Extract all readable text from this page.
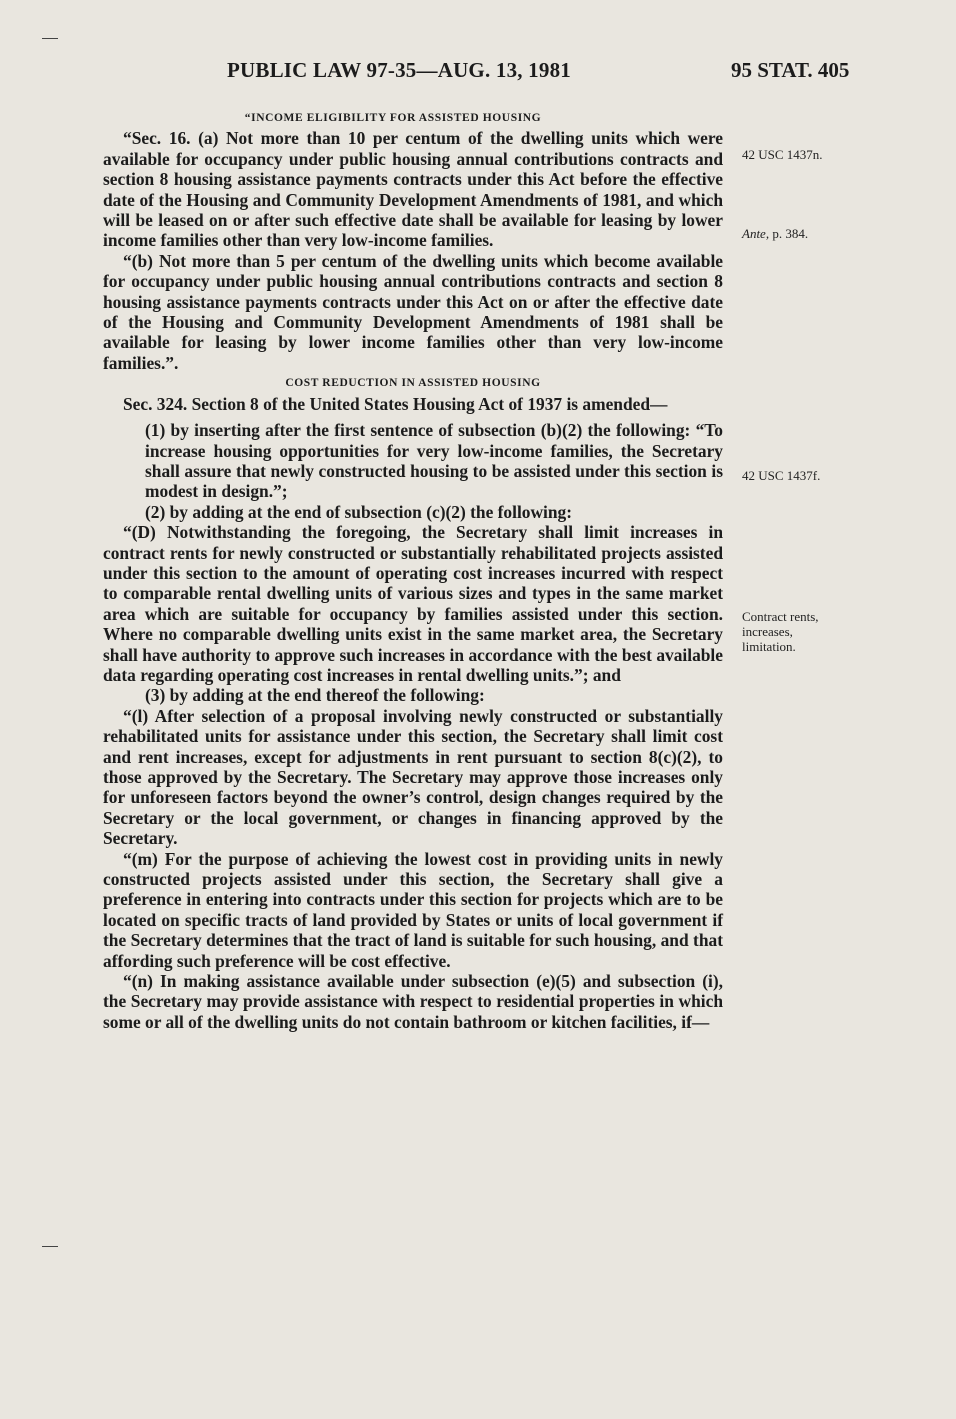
PUBLIC LAW 97-35—AUG. 13, 1981	95 STAT. 405
42 USC 1437n.
Ante, p. 384.
42 USC 1437f.
Contract rents,
increases,
limitation.

“INCOME ELIGIBILITY FOR ASSISTED HOUSING

“Sec. 16. (a) Not more than 10 per centum of the dwelling units which were available for occupancy under public housing annual contributions contracts and section 8 housing assistance payments contracts under this Act before the effective date of the Housing and Community Development Amendments of 1981, and which will be leased on or after such effective date shall be available for leasing by lower income families other than very low-income families.

“(b) Not more than 5 per centum of the dwelling units which become available for occupancy under public housing annual contributions contracts and section 8 housing assistance payments contracts under this Act on or after the effective date of the Housing and Community Development Amendments of 1981 shall be available for leasing by lower income families other than very low-income families.”.

COST REDUCTION IN ASSISTED HOUSING

Sec. 324. Section 8 of the United States Housing Act of 1937 is amended—

(1) by inserting after the first sentence of subsection (b)(2) the following: “To increase housing opportunities for very low-income families, the Secretary shall assure that newly constructed housing to be assisted under this section is modest in design.”;

(2) by adding at the end of subsection (c)(2) the following:

“(D) Notwithstanding the foregoing, the Secretary shall limit increases in contract rents for newly constructed or substantially rehabilitated projects assisted under this section to the amount of operating cost increases incurred with respect to comparable rental dwelling units of various sizes and types in the same market area which are suitable for occupancy by families assisted under this section. Where no comparable dwelling units exist in the same market area, the Secretary shall have authority to approve such increases in accordance with the best available data regarding operating cost increases in rental dwelling units.”; and

(3) by adding at the end thereof the following:

“(l) After selection of a proposal involving newly constructed or substantially rehabilitated units for assistance under this section, the Secretary shall limit cost and rent increases, except for adjustments in rent pursuant to section 8(c)(2), to those approved by the Secretary. The Secretary may approve those increases only for unforeseen factors beyond the owner’s control, design changes required by the Secretary or the local government, or changes in financing approved by the Secretary.

“(m) For the purpose of achieving the lowest cost in providing units in newly constructed projects assisted under this section, the Secretary shall give a preference in entering into contracts under this section for projects which are to be located on specific tracts of land provided by States or units of local government if the Secretary determines that the tract of land is suitable for such housing, and that affording such preference will be cost effective.

“(n) In making assistance available under subsection (e)(5) and subsection (i), the Secretary may provide assistance with respect to residential properties in which some or all of the dwelling units do not contain bathroom or kitchen facilities, if—
